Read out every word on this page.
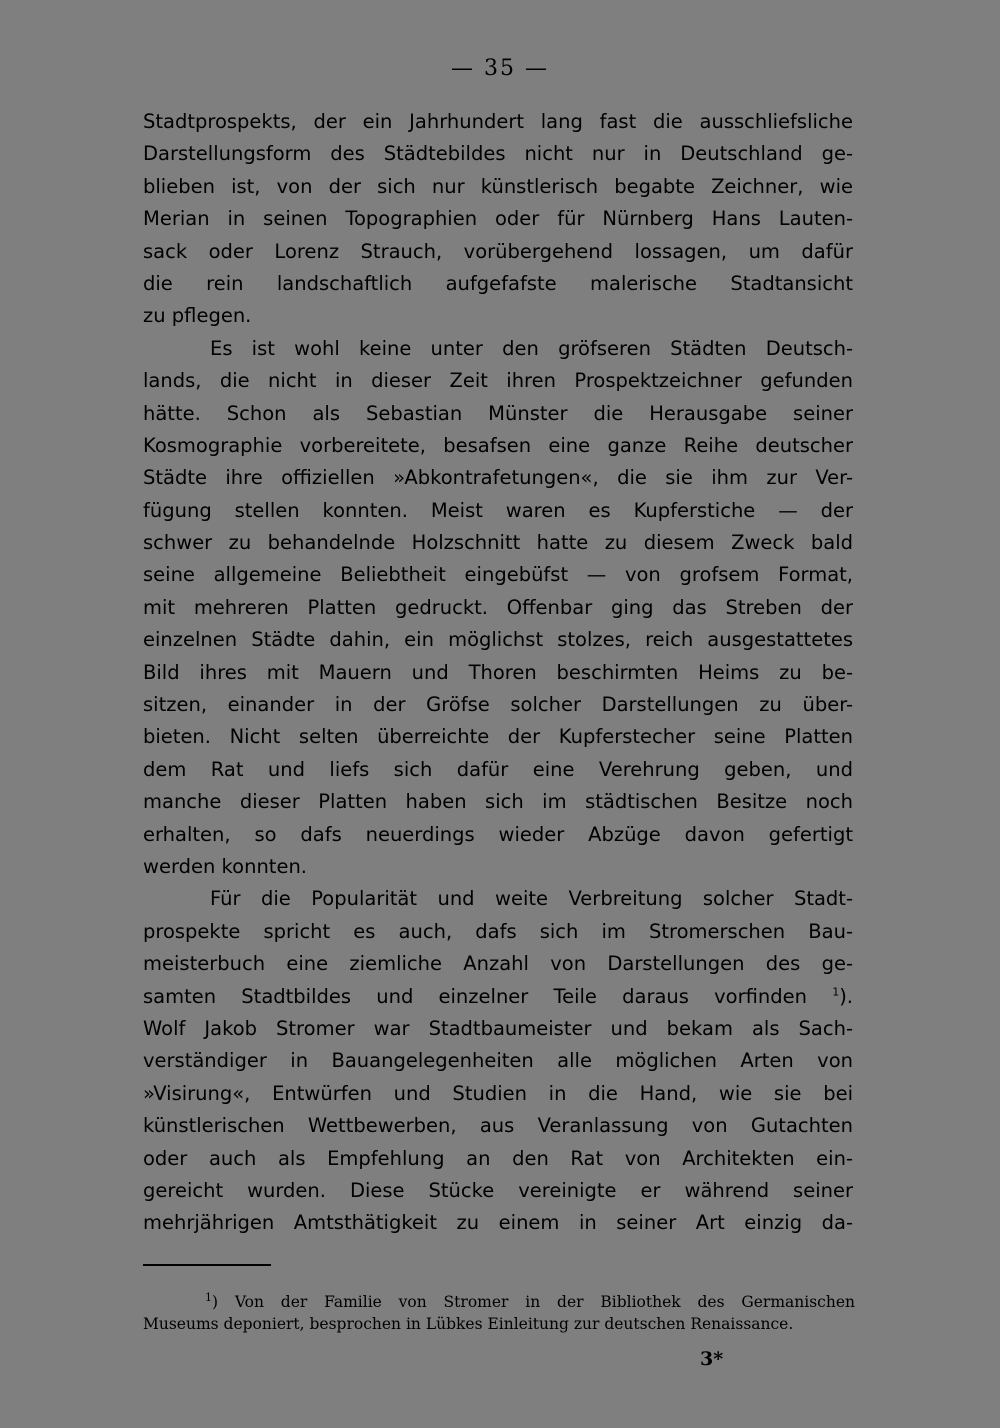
— 35 —
Stadtprospekts, der ein Jahrhundert lang fast die ausschliefsliche
Darstellungsform des Städtebildes nicht nur in Deutschland ge-
blieben ist, von der sich nur künstlerisch begabte Zeichner, wie
Merian in seinen Topographien oder für Nürnberg Hans Lauten-
sack oder Lorenz Strauch, vorübergehend lossagen, um dafür
die rein landschaftlich aufgefafste malerische Stadtansicht
zu pflegen.
Es ist wohl keine unter den gröfseren Städten Deutsch-
lands, die nicht in dieser Zeit ihren Prospektzeichner gefunden
hätte. Schon als Sebastian Münster die Herausgabe seiner
Kosmographie vorbereitete, besafsen eine ganze Reihe deutscher
Städte ihre offiziellen »Abkontrafetungen«, die sie ihm zur Ver-
fügung stellen konnten. Meist waren es Kupferstiche — der
schwer zu behandelnde Holzschnitt hatte zu diesem Zweck bald
seine allgemeine Beliebtheit eingebüfst — von grofsem Format,
mit mehreren Platten gedruckt. Offenbar ging das Streben der
einzelnen Städte dahin, ein möglichst stolzes, reich ausgestattetes
Bild ihres mit Mauern und Thoren beschirmten Heims zu be-
sitzen, einander in der Gröfse solcher Darstellungen zu über-
bieten. Nicht selten überreichte der Kupferstecher seine Platten
dem Rat und liefs sich dafür eine Verehrung geben, und
manche dieser Platten haben sich im städtischen Besitze noch
erhalten, so dafs neuerdings wieder Abzüge davon gefertigt
werden konnten.
Für die Popularität und weite Verbreitung solcher Stadt-
prospekte spricht es auch, dafs sich im Stromerschen Bau-
meisterbuch eine ziemliche Anzahl von Darstellungen des ge-
samten Stadtbildes und einzelner Teile daraus vorfinden $^1$).
Wolf Jakob Stromer war Stadtbaumeister und bekam als Sach-
verständiger in Bauangelegenheiten alle möglichen Arten von
»Visirung«, Entwürfen und Studien in die Hand, wie sie bei
künstlerischen Wettbewerben, aus Veranlassung von Gutachten
oder auch als Empfehlung an den Rat von Architekten ein-
gereicht wurden. Diese Stücke vereinigte er während seiner
mehrjährigen Amtsthätigkeit zu einem in seiner Art einzig da-
$^1$) Von der Familie von Stromer in der Bibliothek des Germanischen
Museums deponiert, besprochen in Lübkes Einleitung zur deutschen Renaissance.
3*
